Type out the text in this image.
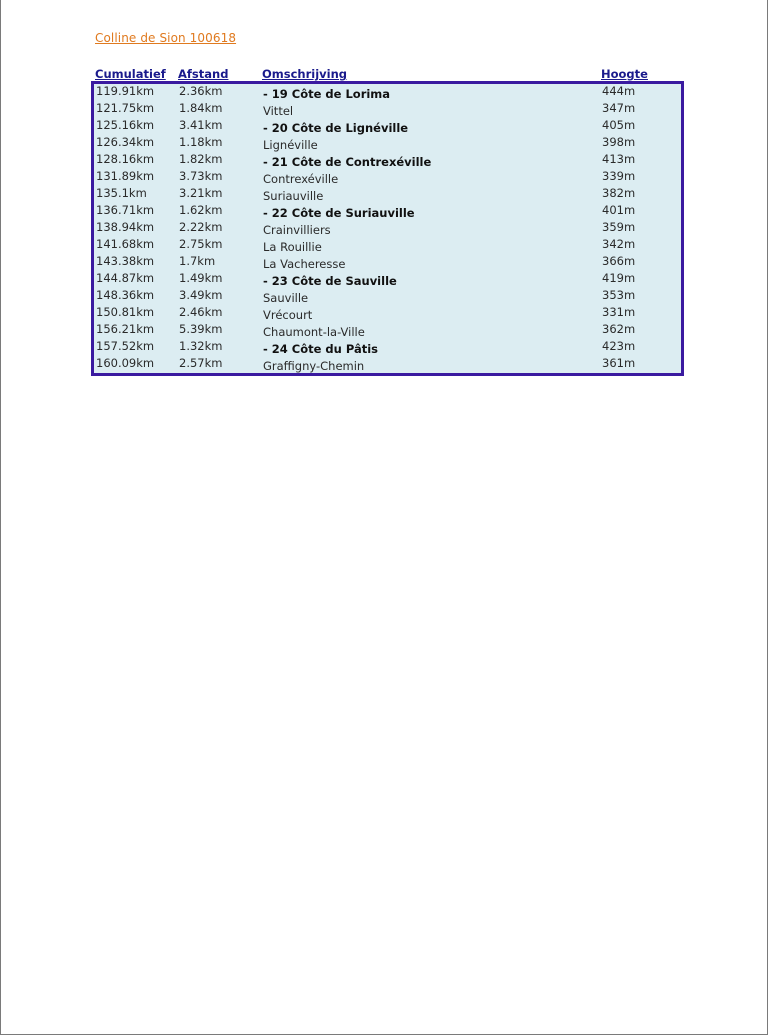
Colline de Sion 100618
Cumulatief Afstand	Omschrijving	Hoogte
119.91km 2.36km	- 19 Côte de Lorima	444m
121.75km 1.84km	Vittel	347m
125.16km 3.41km	- 20 Côte de Lignéville	405m
126.34km 1.18km	Lignéville	398m
128.16km 1.82km	- 21 Côte de Contrexéville	413m
131.89km 3.73km	Contrexéville	339m
135.1km	3.21km	Suriauville	382m
136.71km 1.62km	- 22 Côte de Suriauville	401m
138.94km 2.22km	Crainvilliers	359m
141.68km 2.75km	La Rouillie	342m
143.38km 1.7km	La Vacheresse	366m
144.87km 1.49km	- 23 Côte de Sauville	419m
148.36km 3.49km	Sauville	353m
150.81km 2.46km	Vrécourt	331m
156.21km 5.39km	Chaumont-la-Ville	362m
157.52km 1.32km	- 24 Côte du Pâtis	423m
160.09km 2.57km	Graffigny-Chemin	361m
